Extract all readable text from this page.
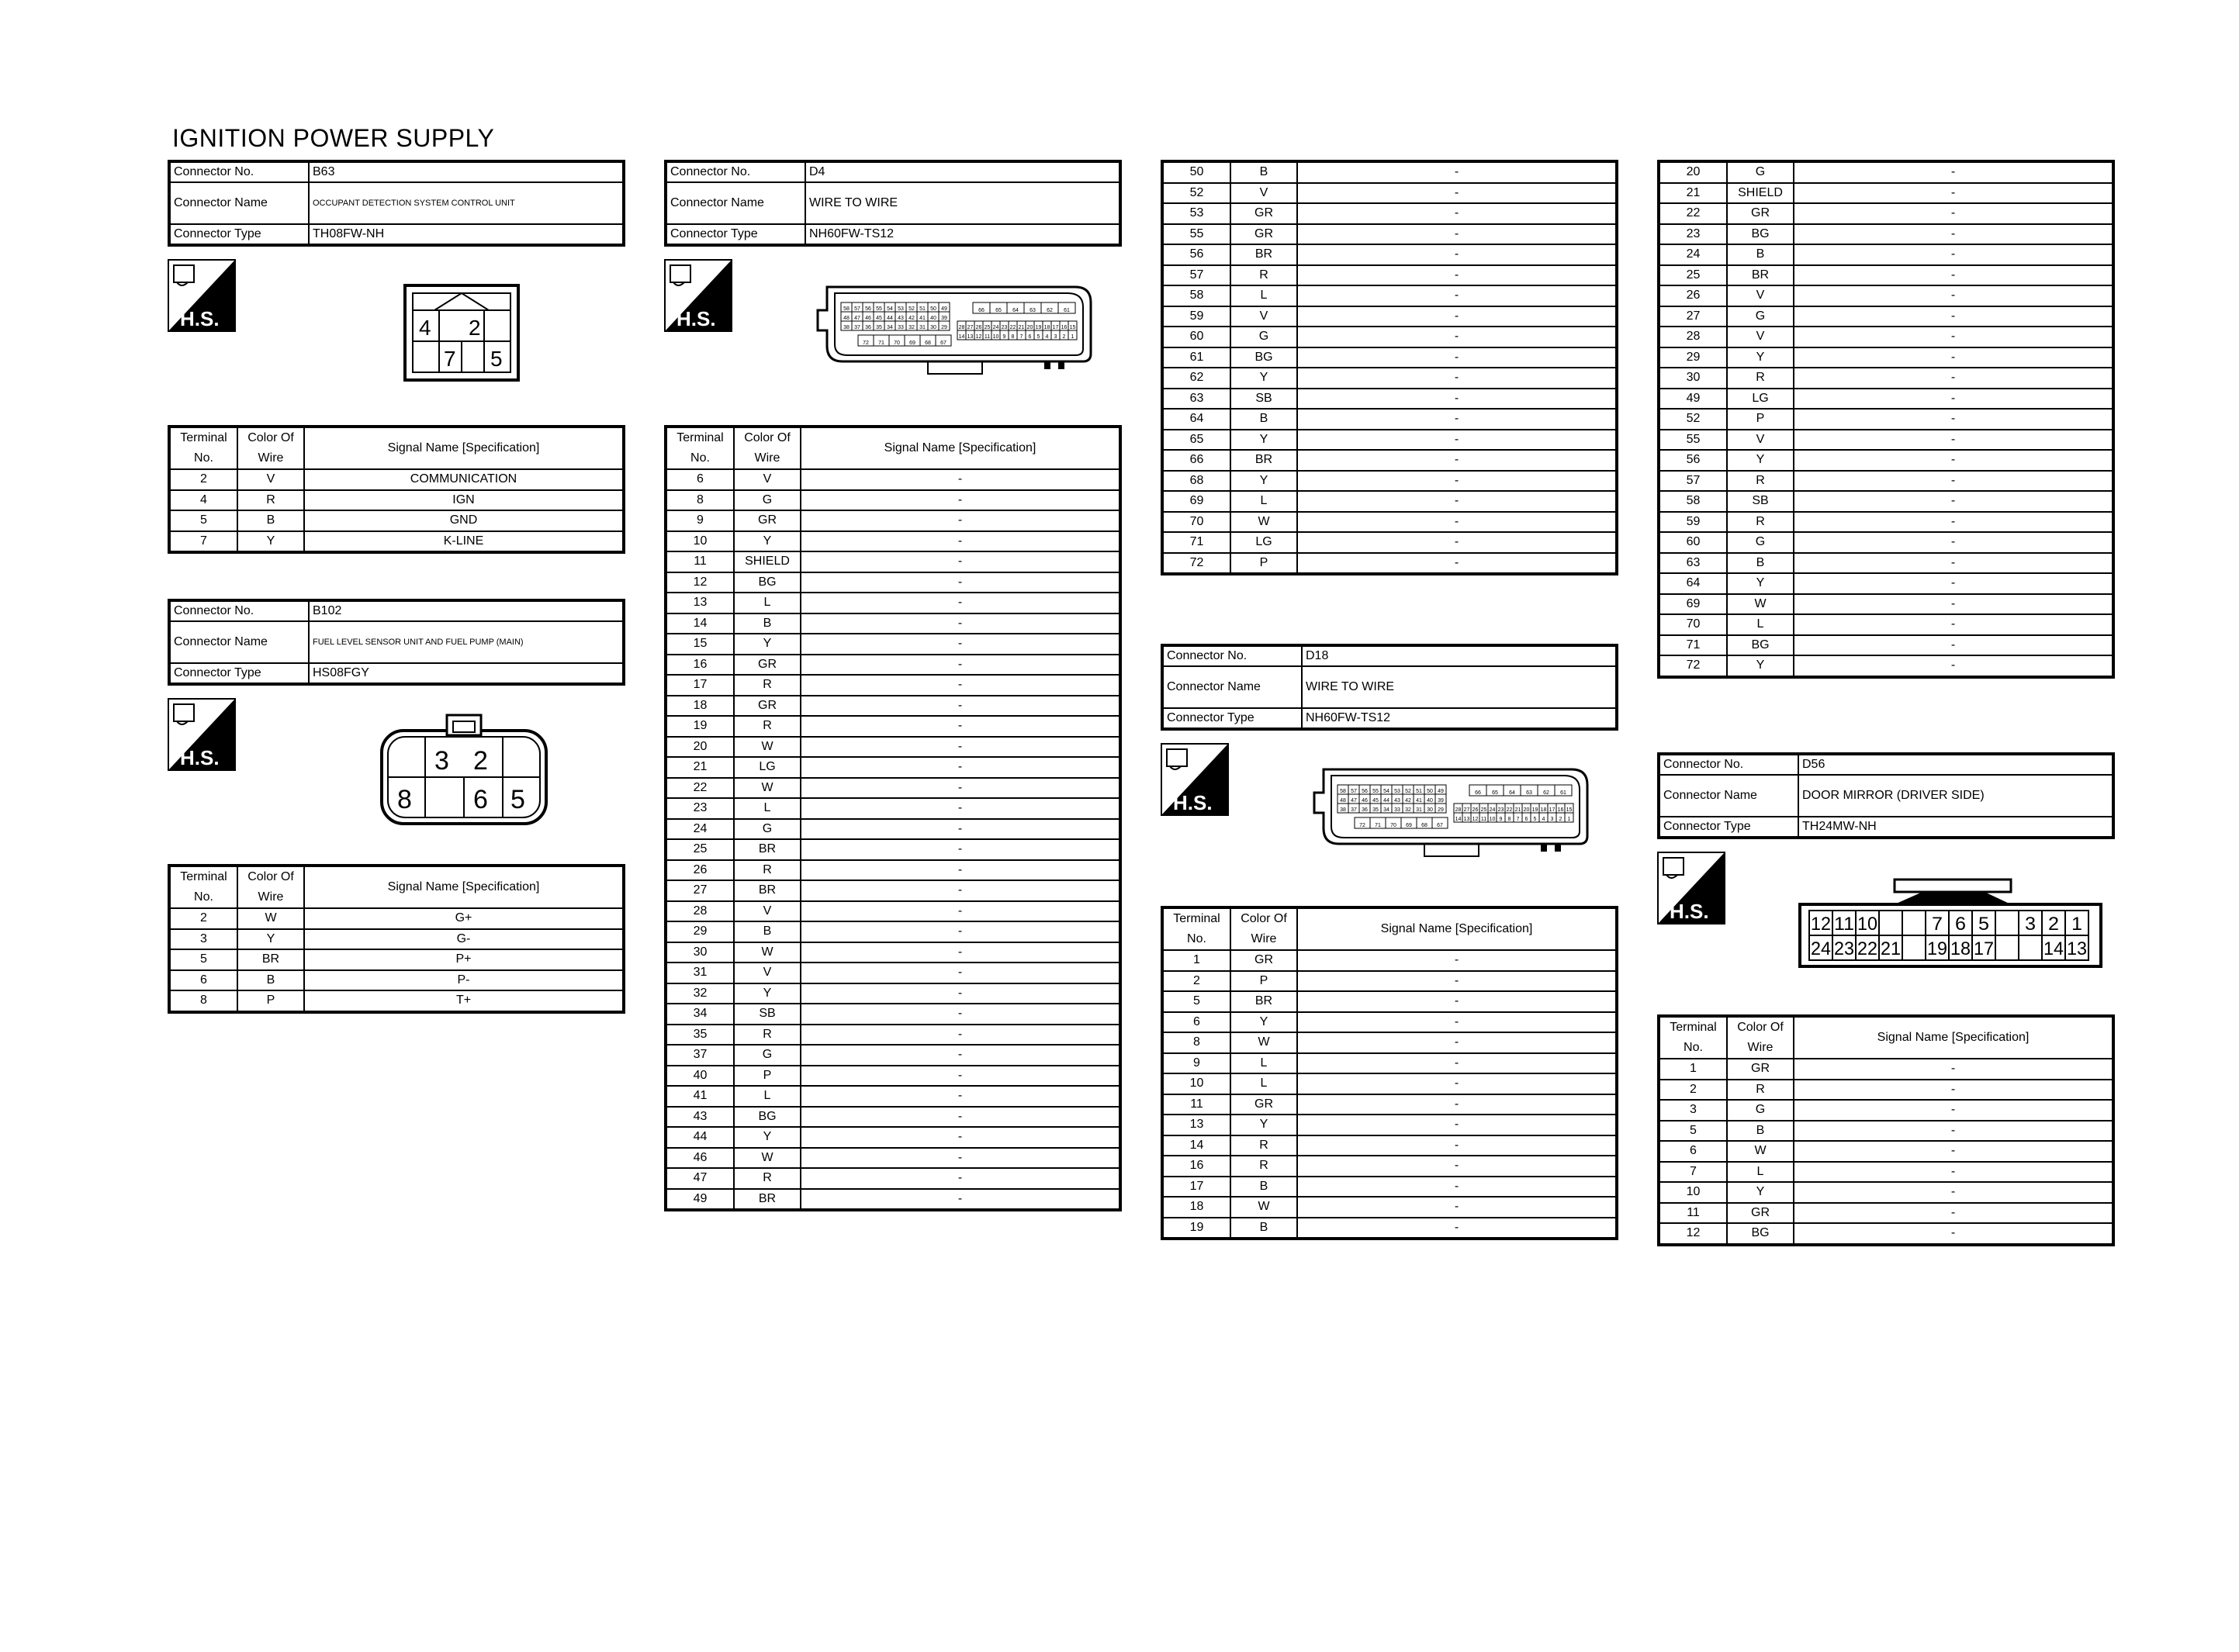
IGNITION POWER SUPPLY
Connector No.	B63
Connector Name	OCCUPANT DETECTION SYSTEM CONTROL UNIT
Connector Type	TH08FW-NH
H.S.	4 2
7 5
Terminal No.	Color Of Wire	Signal Name [Specification]
2	V	COMMUNICATION
4	R	IGN
5	B	GND
7	Y	K-LINE
Connector No.	B102
Connector Name	FUEL LEVEL SENSOR UNIT AND FUEL PUMP (MAIN)
Connector Type	HS08FGY
H.S.	3 2
8 6 5
Terminal No.	Color Of Wire	Signal Name [Specification]
2	W	G+
3	Y	G-
5	BR	P+
6	B	P-
8	P	T+
Connector No.	D4
Connector Name	WIRE TO WIRE
Connector Type	NH60FW-TS12
H.S.	58 57 56 55 54 53 52 51 50 49
48 47 46 45 44 43 42 41 40 39
38 37 36 35 34 33 32 31 30 29 28 27 26 25 24 23 22 21 20 19 18 17 16 15
14 13 12 11 10 9 8 7 6 5 4 3 2 1
66 65 64 63 62 61
72 71 70 69 68 67
Terminal No.	Color Of Wire	Signal Name [Specification]
6	V	-
8	G	-
9	GR	-
10	Y	-
11	SHIELD	-
12	BG	-
13	L	-
14	B	-
15	Y	-
16	GR	-
17	R	-
18	GR	-
19	R	-
20	W	-
21	LG	-
22	W	-
23	L	-
24	G	-
25	BR	-
26	R	-
27	BR	-
28	V	-
29	B	-
30	W	-
31	V	-
32	Y	-
34	SB	-
35	R	-
37	G	-
40	P	-
41	L	-
43	BG	-
44	Y	-
46	W	-
47	R	-
49	BR	-
50	B	-
52	V	-
53	GR	-
55	GR	-
56	BR	-
57	R	-
58	L	-
59	V	-
60	G	-
61	BG	-
62	Y	-
63	SB	-
64	B	-
65	Y	-
66	BR	-
68	Y	-
69	L	-
70	W	-
71	LG	-
72	P	-
Connector No.	D18
Connector Name	WIRE TO WIRE
Connector Type	NH60FW-TS12
H.S.	58 57 56 55 54 53 52 51 50 49
48 47 46 45 44 43 42 41 40 39
38 37 36 35 34 33 32 31 30 29 28 27 26 25 24 23 22 21 20 19 18 17 16 15
14 13 12 11 10 9 8 7 6 5 4 3 2 1
66 65 64 63 62 61
72 71 70 69 68 67
Terminal No.	Color Of Wire	Signal Name [Specification]
1	GR	-
2	P	-
5	BR	-
6	Y	-
8	W	-
9	L	-
10	L	-
11	GR	-
13	Y	-
14	R	-
16	R	-
17	B	-
18	W	-
19	B	-
20	G	-
21	SHIELD	-
22	GR	-
23	BG	-
24	B	-
25	BR	-
26	V	-
27	G	-
28	V	-
29	Y	-
30	R	-
49	LG	-
52	P	-
55	V	-
56	Y	-
57	R	-
58	SB	-
59	R	-
60	G	-
63	B	-
64	Y	-
69	W	-
70	L	-
71	BG	-
72	Y	-
Connector No.	D56
Connector Name	DOOR MIRROR (DRIVER SIDE)
Connector Type	TH24MW-NH
H.S.
12 11 10	7 6 5 3 2 1
24 23 22 21 19 18 17	14 13
Terminal No.	Color Of Wire	Signal Name [Specification]
1	GR	-
2	R	-
3	G	-
5	B	-
6	W	-
7	L	-
10	Y	-
11	GR	-
12	BG	-
